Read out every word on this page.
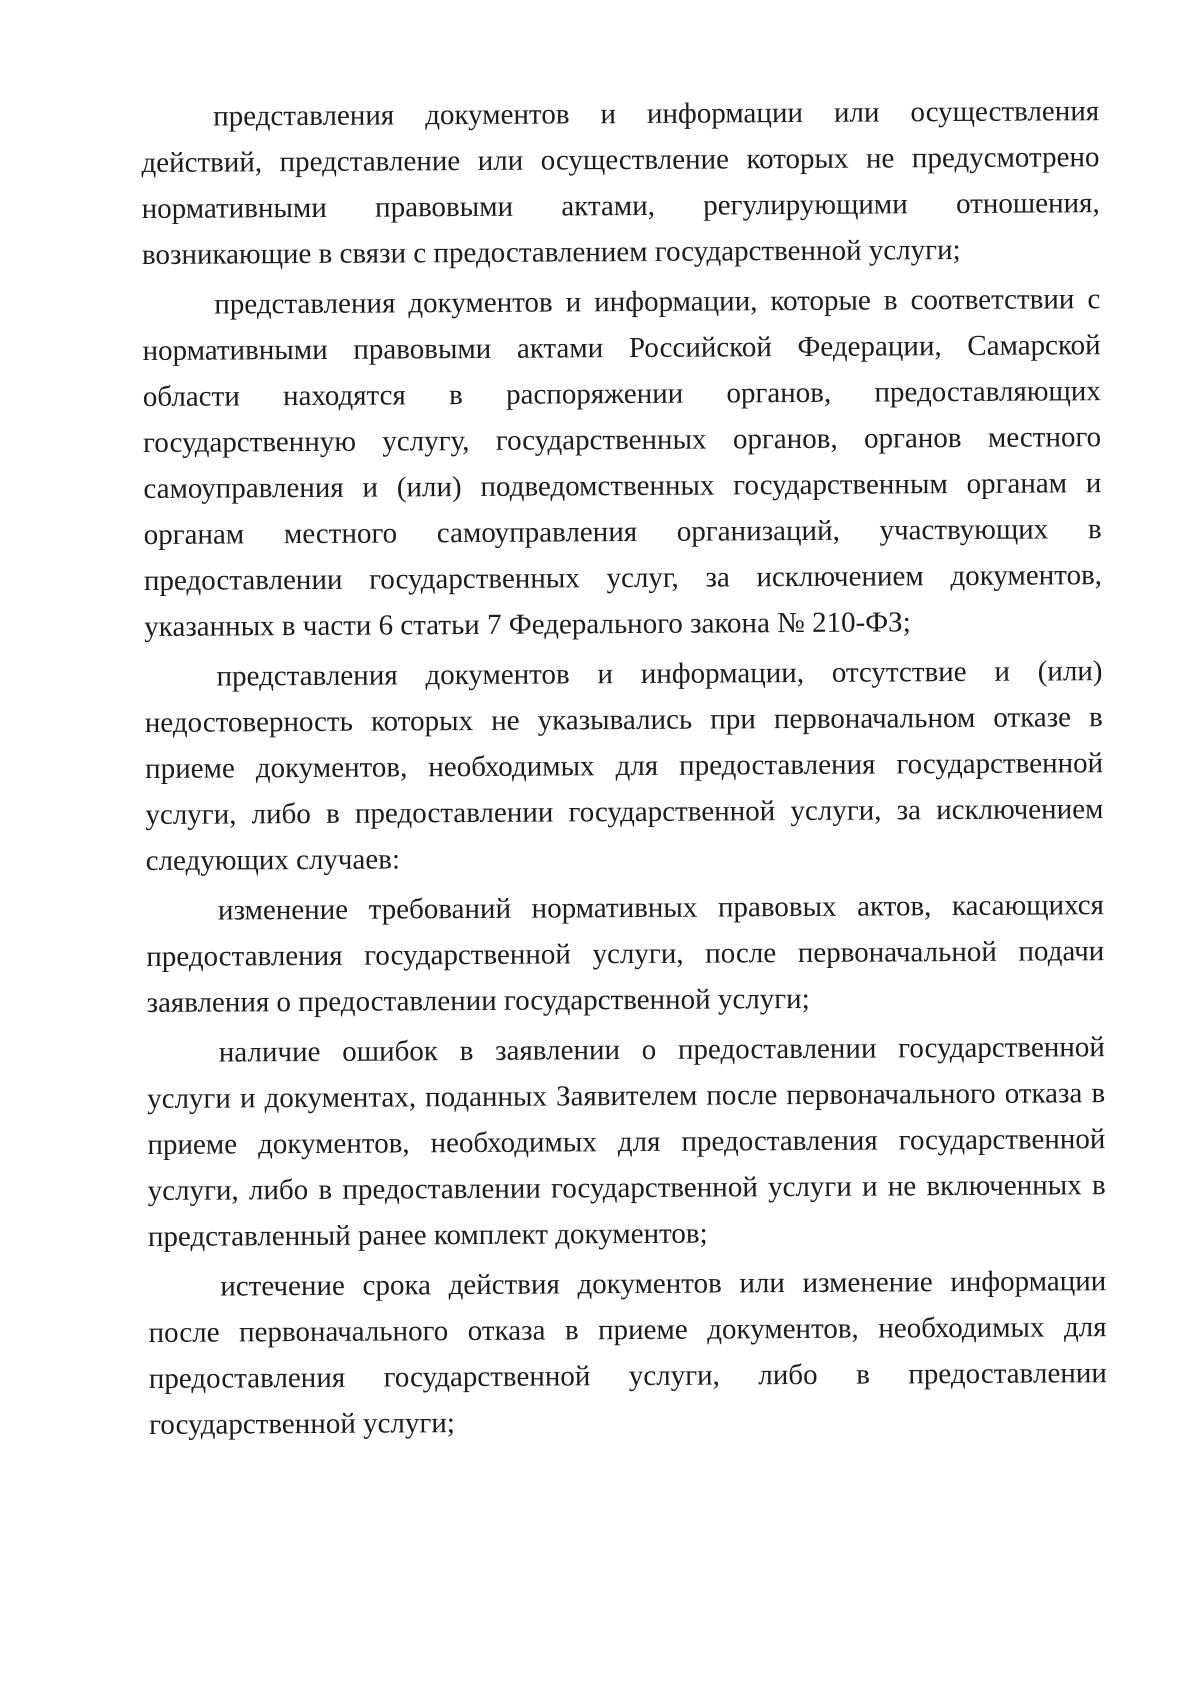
представления документов и информации или осуществления действий, представление или осуществление которых не предусмотрено нормативными правовыми актами, регулирующими отношения, возникающие в связи с предоставлением государственной услуги;

представления документов и информации, которые в соответствии с нормативными правовыми актами Российской Федерации, Самарской области находятся в распоряжении органов, предоставляющих государственную услугу, государственных органов, органов местного самоуправления и (или) подведомственных государственным органам и органам местного самоуправления организаций, участвующих в предоставлении государственных услуг, за исключением документов, указанных в части 6 статьи 7 Федерального закона № 210-ФЗ;

представления документов и информации, отсутствие и (или) недостоверность которых не указывались при первоначальном отказе в приеме документов, необходимых для предоставления государственной услуги, либо в предоставлении государственной услуги, за исключением следующих случаев:

изменение требований нормативных правовых актов, касающихся предоставления государственной услуги, после первоначальной подачи заявления о предоставлении государственной услуги;

наличие ошибок в заявлении о предоставлении государственной услуги и документах, поданных Заявителем после первоначального отказа в приеме документов, необходимых для предоставления государственной услуги, либо в предоставлении государственной услуги и не включенных в представленный ранее комплект документов;

истечение срока действия документов или изменение информации после первоначального отказа в приеме документов, необходимых для предоставления государственной услуги, либо в предоставлении государственной услуги;
